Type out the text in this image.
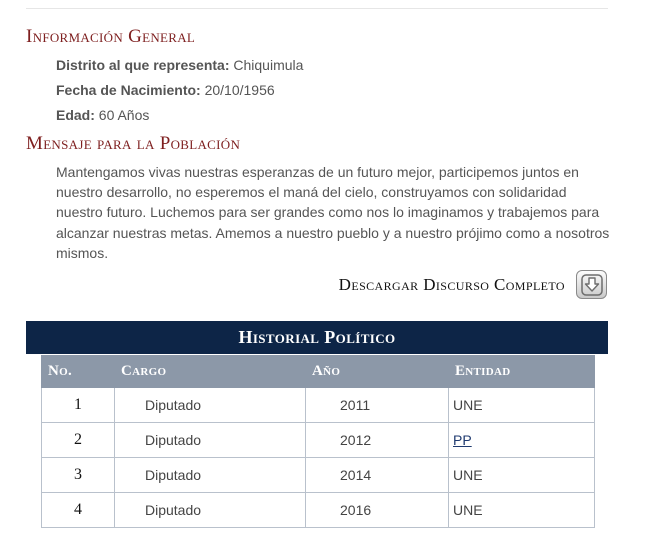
Información General
Distrito al que representa: Chiquimula
Fecha de Nacimiento: 20/10/1956
Edad: 60 Años
Mensaje para la Población
Mantengamos vivas nuestras esperanzas de un futuro mejor, participemos juntos en nuestro desarrollo, no esperemos el maná del cielo, construyamos con solidaridad nuestro futuro. Luchemos para ser grandes como nos lo imaginamos y trabajemos para alcanzar nuestras metas. Amemos a nuestro pueblo y a nuestro prójimo como a nosotros mismos.
Descargar Discurso Completo
Historial Político
No.	Cargo	Año	Entidad
1	Diputado	2011	UNE
2	Diputado	2012	PP
3	Diputado	2014	UNE
4	Diputado	2016	UNE
